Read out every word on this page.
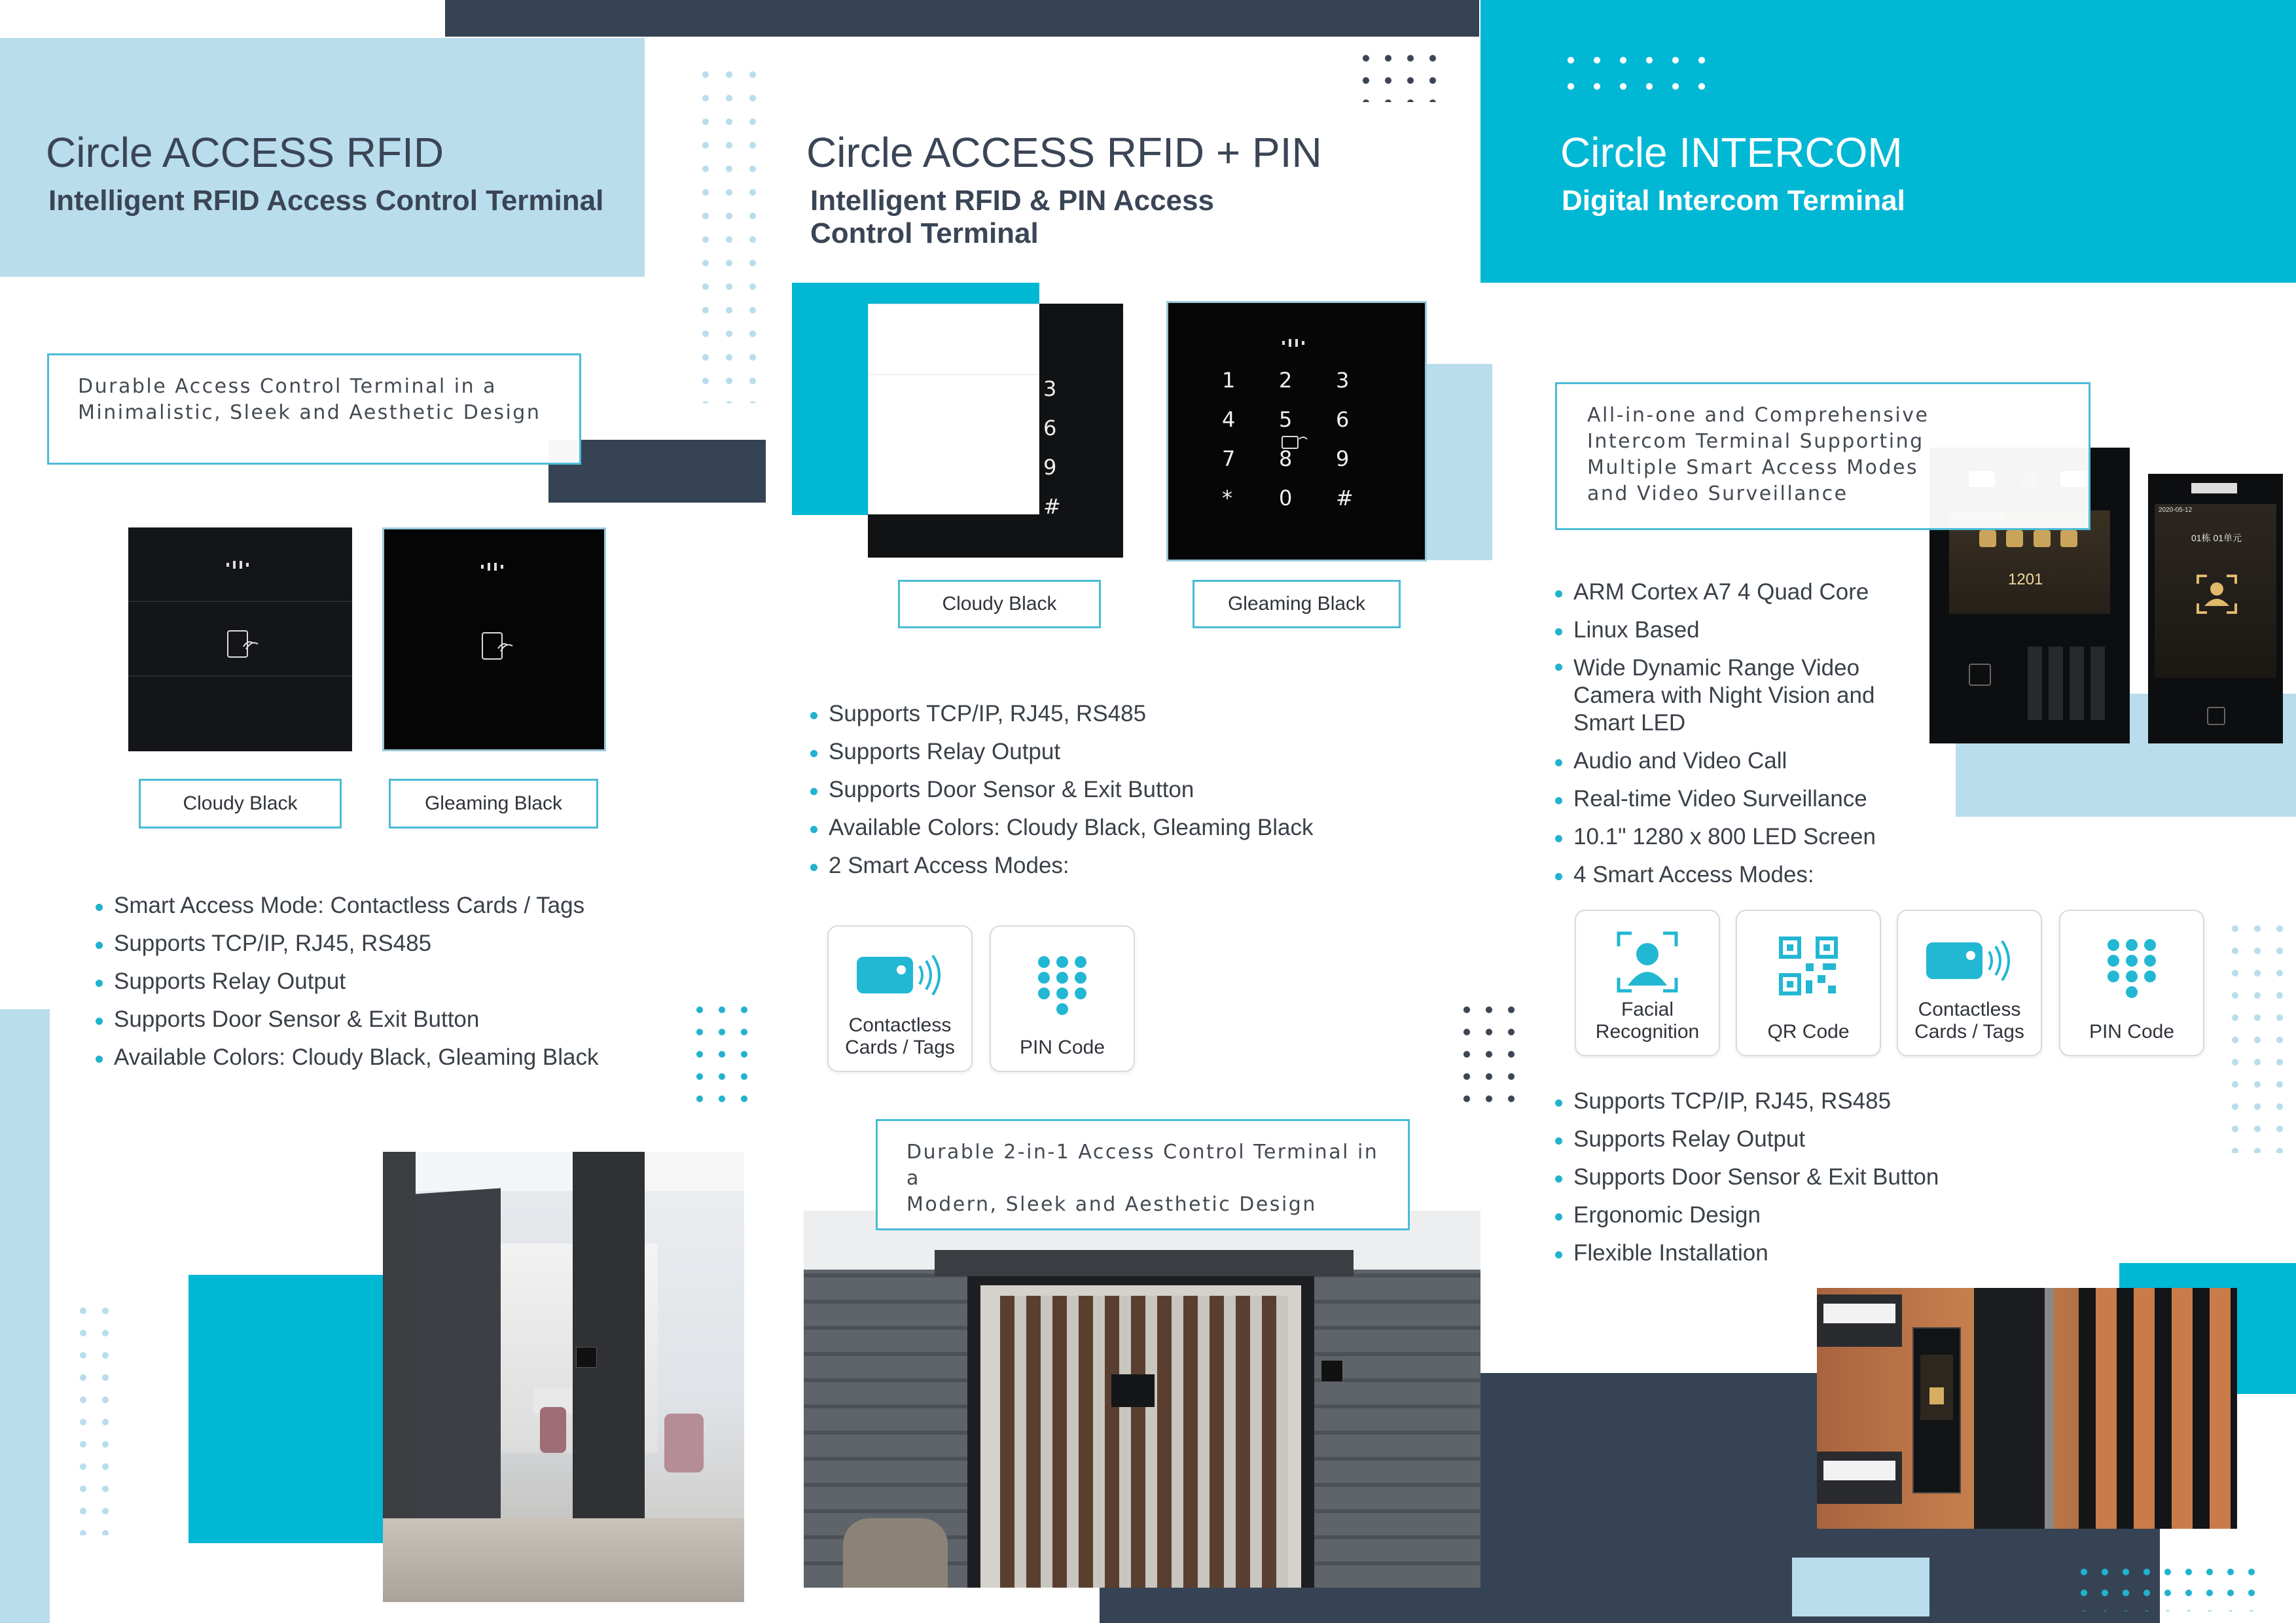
Circle ACCESS RFID
Intelligent RFID Access Control Terminal
Durable Access Control Terminal in a
Minimalistic, Sleek and Aesthetic Design
Cloudy Black	Gleaming Black
Smart Access Mode: Contactless Cards / Tags
Supports TCP/IP, RJ45, RS485
Supports Relay Output
Supports Door Sensor & Exit Button
Available Colors: Cloudy Black, Gleaming Black
Circle ACCESS RFID + PIN
Intelligent RFID & PIN Access
Control Terminal
3
6
9
#
1	2	3
4	5	6
7	8	9
*	0	#
Cloudy Black	Gleaming Black
Supports TCP/IP, RJ45, RS485
Supports Relay Output
Supports Door Sensor & Exit Button
Available Colors: Cloudy Black, Gleaming Black
2 Smart Access Modes:
Contactless
Cards / Tags	PIN Code
Durable 2-in-1 Access Control Terminal in a
Modern, Sleek and Aesthetic Design
Circle INTERCOM
Digital Intercom Terminal
1201
2020-05-12
01栋 01单元
All-in-one and Comprehensive
Intercom Terminal Supporting
Multiple Smart Access Modes
and Video Surveillance
ARM Cortex A7 4 Quad Core
Linux Based
Wide Dynamic Range Video Camera with Night Vision and Smart LED
Audio and Video Call
Real-time Video Surveillance
10.1" 1280 x 800 LED Screen
4 Smart Access Modes:
Facial
Recognition	QR Code
Contactless
Cards / Tags	PIN Code
Supports TCP/IP, RJ45, RS485
Supports Relay Output
Supports Door Sensor & Exit Button
Ergonomic Design
Flexible Installation
